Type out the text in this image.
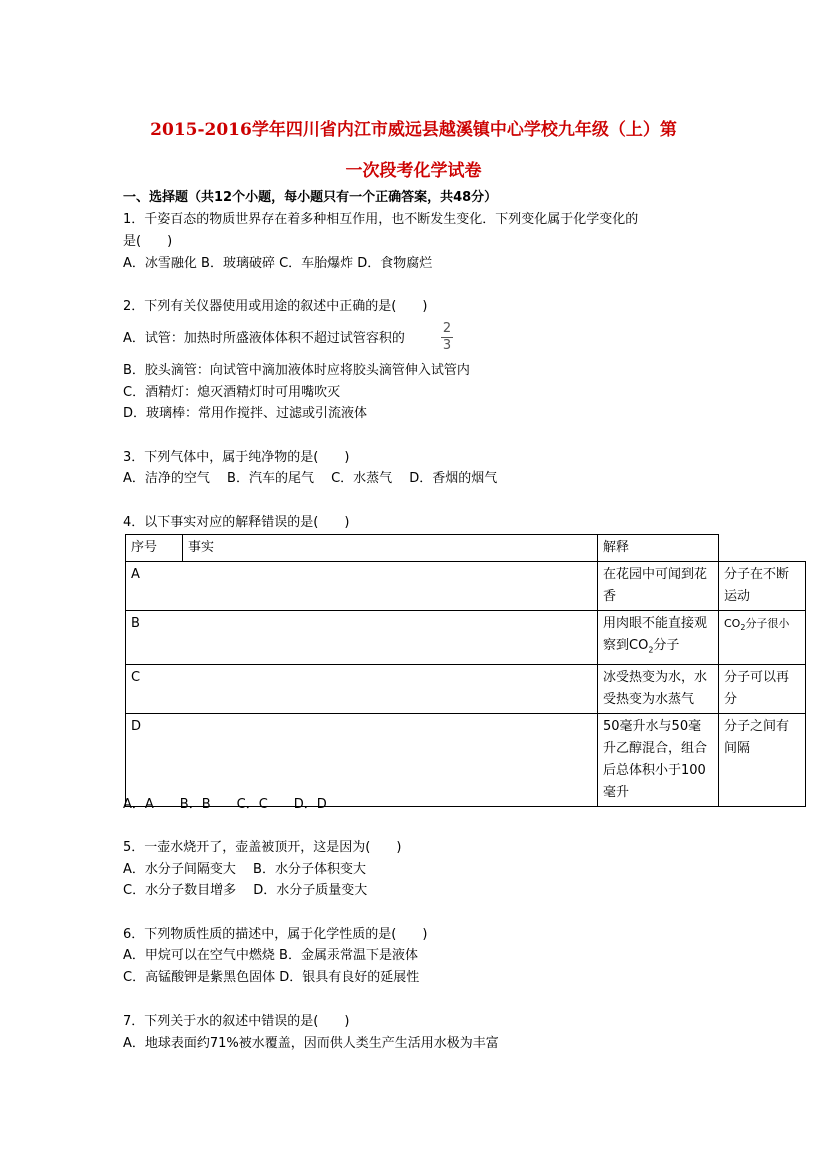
2015-2016学年四川省内江市威远县越溪镇中心学校九年级（上）第
一次段考化学试卷
一、选择题（共12个小题，每小题只有一个正确答案，共48分）
1．千姿百态的物质世界存在着多种相互作用，也不断发生变化．下列变化属于化学变化的
是(　　)
A．冰雪融化 B．玻璃破碎 C．车胎爆炸 D．食物腐烂
2．下列有关仪器使用或用途的叙述中正确的是(　　)
A．试管：加热时所盛液体体积不超过试管容积的
2
3
B．胶头滴管：向试管中滴加液体时应将胶头滴管伸入试管内
C．酒精灯：熄灭酒精灯时可用嘴吹灭
D．玻璃棒：常用作搅拌、过滤或引流液体
3．下列气体中，属于纯净物的是(　　)
A．洁净的空气　 B．汽车的尾气　 C．水蒸气　 D．香烟的烟气
4．以下事实对应的解释错误的是(　　)
序号	事实	解释	
A		在花园中可闻到花香	分子在不断运动
B		用肉眼不能直接观察到$CO_2$分子	$CO_2$分子很小
C		冰受热变为水，水受热变为水蒸气	分子可以再分
D		50毫升水与50毫升乙醇混合，组合后总体积小于100毫升	分子之间有间隔
A．A　　B．B　　C．C　　D．D
5．一壶水烧开了，壶盖被顶开，这是因为(　　)
A．水分子间隔变大　 B．水分子体积变大
C．水分子数目增多　 D．水分子质量变大
6．下列物质性质的描述中，属于化学性质的是(　　)
A．甲烷可以在空气中燃烧 B．金属汞常温下是液体
C．高锰酸钾是紫黑色固体 D．银具有良好的延展性
7．下列关于水的叙述中错误的是(　　)
A．地球表面约71%被水覆盖，因而供人类生产生活用水极为丰富
